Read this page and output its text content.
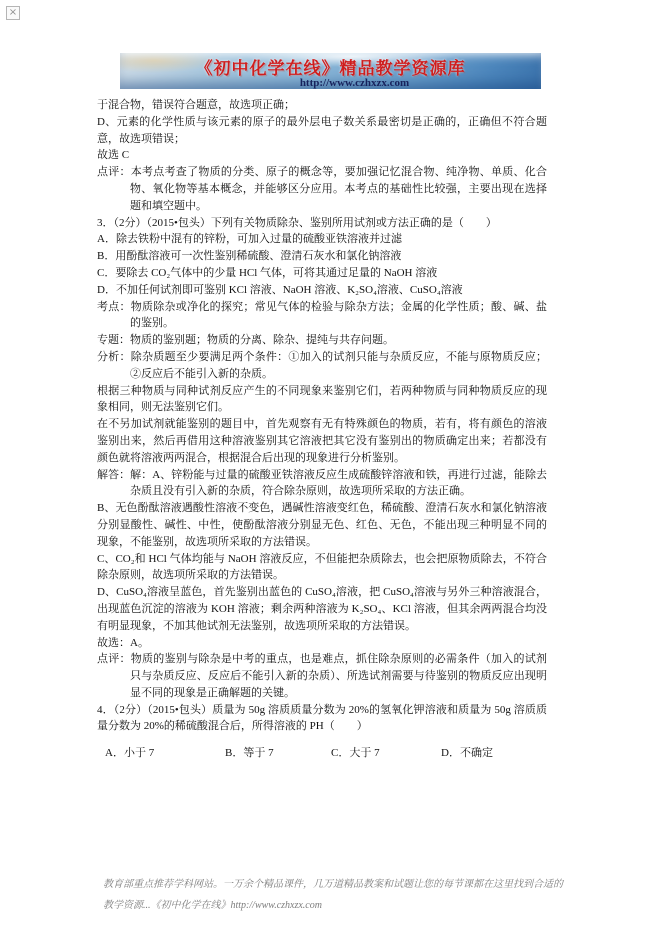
×
《初中化学在线》精品教学资源库
http://www.czhxzx.com

于混合物，错误符合题意，故选项正确；

D、元素的化学性质与该元素的原子的最外层电子数关系最密切是正确的，正确但不符合题意，故选项错误；

故选 C

点评：本考点考查了物质的分类、原子的概念等，要加强记忆混合物、纯净物、单质、化合物、氧化物等基本概念，并能够区分应用。本考点的基础性比较强，主要出现在选择题和填空题中。

3．（2分）（2015•包头）下列有关物质除杂、鉴别所用试剂或方法正确的是（　　）

A．除去铁粉中混有的锌粉，可加入过量的硫酸亚铁溶液并过滤

B．用酚酞溶液可一次性鉴别稀硫酸、澄清石灰水和氯化钠溶液

C．要除去 CO₂气体中的少量 HCl 气体，可将其通过足量的 NaOH 溶液

D．不加任何试剂即可鉴别 KCl 溶液、NaOH 溶液、K₂SO₄溶液、CuSO₄溶液

考点：物质除杂或净化的探究；常见气体的检验与除杂方法；金属的化学性质；酸、碱、盐的鉴别。

专题：物质的鉴别题；物质的分离、除杂、提纯与共存问题。

分析：除杂质题至少要满足两个条件：①加入的试剂只能与杂质反应，不能与原物质反应；②反应后不能引入新的杂质。

根据三种物质与同种试剂反应产生的不同现象来鉴别它们，若两种物质与同种物质反应的现象相同，则无法鉴别它们。

在不另加试剂就能鉴别的题目中，首先观察有无有特殊颜色的物质，若有，将有颜色的溶液鉴别出来，然后再借用这种溶液鉴别其它溶液把其它没有鉴别出的物质确定出来；若都没有颜色就将溶液两两混合，根据混合后出现的现象进行分析鉴别。

解答：解：A、锌粉能与过量的硫酸亚铁溶液反应生成硫酸锌溶液和铁，再进行过滤，能除去杂质且没有引入新的杂质，符合除杂原则，故选项所采取的方法正确。

B、无色酚酞溶液遇酸性溶液不变色，遇碱性溶液变红色，稀硫酸、澄清石灰水和氯化钠溶液分别显酸性、碱性、中性，使酚酞溶液分别显无色、红色、无色，不能出现三种明显不同的现象，不能鉴别，故选项所采取的方法错误。

C、CO₂和 HCl 气体均能与 NaOH 溶液反应，不但能把杂质除去，也会把原物质除去，不符合除杂原则，故选项所采取的方法错误。

D、CuSO₄溶液呈蓝色，首先鉴别出蓝色的 CuSO₄溶液，把 CuSO₄溶液与另外三种溶液混合，出现蓝色沉淀的溶液为 KOH 溶液；剩余两种溶液为 K₂SO₄、KCl 溶液，但其余两两混合均没有明显现象，不加其他试剂无法鉴别，故选项所采取的方法错误。

故选：A。

点评：物质的鉴别与除杂是中考的重点，也是难点，抓住除杂原则的必需条件（加入的试剂只与杂质反应、反应后不能引入新的杂质）、所选试剂需要与待鉴别的物质反应出现明显不同的现象是正确解题的关键。

4．（2分）（2015•包头）质量为 50g 溶质质量分数为 20%的氢氧化钾溶液和质量为 50g 溶质质量分数为 20%的稀硫酸混合后，所得溶液的 PH（　　）

A．小于 7	B．等于 7	C．大于 7	D．不确定

教育部重点推荐学科网站。一万余个精品课件，几万道精品教案和试题让您的每节课都在这里找到合适的

教学资源...《初中化学在线》http://www.czhxzx.com
